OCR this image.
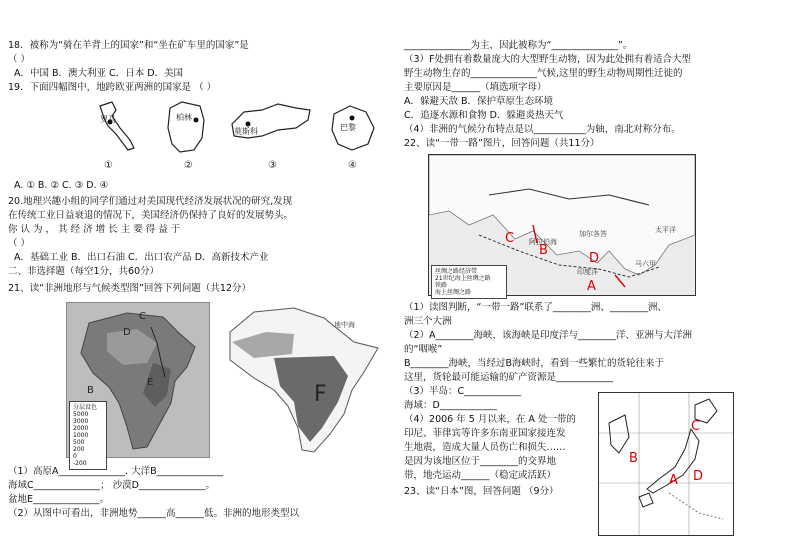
18．被称为“骑在羊背上的国家”和“坐在矿车里的国家”是
（ ）
A．中国 B．澳大利亚 C．日本 D．美国
19．下面四幅图中，地跨欧亚两洲的国家是 （ ）
罗马	柏林
莫斯科	巴黎
①	②	③	④
A. ① B. ② C. ③ D. ④
20.地理兴趣小组的同学们通过对美国现代经济发展状况的研究,发现
在传统工业日益衰退的情况下，美国经济仍保持了良好的发展势头。
你 认 为 ， 其 经 济 增 长 主 要 得 益 于
（ ）
A．基础工业 B．出口石油 C．出口农产品 D．高新技术产业
二、非选择题（每空1分，共60分）
21、读“非洲地形与气候类型图”回答下列问题（共12分）
C
D
B
E
分层设色
5000
3000
2000
1000
500
200
0
-200
地中海
F
（1）高原A______________. 大洋B______________
海域C______________； 沙漠D______________。
盆地E______________。
（2）从图中可看出，非洲地势______高______低。非洲的地形类型以
______________为主，因此被称为“______________”。
（3）F处拥有着数量庞大的大型野生动物，因为此处拥有着适合大型
野生动物生存的______________气候,这里的野生动物周期性迁徙的
主要原因是______（填选项字母）
A．躲避天敌 B．保护草原生态环境
C．追逐水源和食物 D．躲避炎热天气
（4）非洲的气候分布特点是以___________为轴，南北对称分布。
22、读“一带一路”图片，回答问题（共11分）
阿拉伯海
加尔各答
印度洋
太平洋
马六甲
C
B
D
A
丝绸之路经济带
21世纪海上丝绸之路
铁路
海上丝绸之路
（1）读图判断，“一带一路”联系了________洲、________洲、
洲三个大洲
（2）A________海峡，该海峡是印度洋与________洋、亚洲与大洋洲
的“咽喉”
B________海峡，当经过B海峡时，看到一些繁忙的货轮往来于
这里，货轮最可能运输的矿产资源是____________
（3）半岛：C____________
海域：D____________
（4）2006 年 5 月以来，在 A 处一带的
印尼、菲律宾等许多东南亚国家接连发
生地震，造成大量人员伤亡和损失……
是因为该地区位于________的交界地
带，地壳运动______（稳定或活跃）
23、读“日本”图，回答问题 （9分）
C
B
A D
